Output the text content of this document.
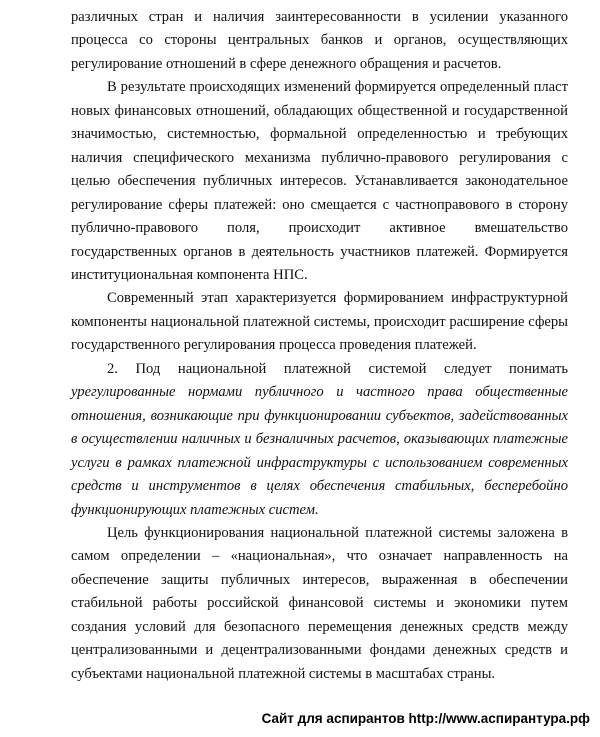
различных стран и наличия заинтересованности в усилении указанного процесса со стороны центральных банков и органов, осуществляющих регулирование отношений в сфере денежного обращения и расчетов.

В результате происходящих изменений формируется определенный пласт новых финансовых отношений, обладающих общественной и государственной значимостью, системностью, формальной определенностью и требующих наличия специфического механизма публично-правового регулирования с целью обеспечения публичных интересов. Устанавливается законодательное регулирование сферы платежей: оно смещается с частноправового в сторону публично-правового поля, происходит активное вмешательство государственных органов в деятельность участников платежей. Формируется институциональная компонента НПС.

Современный этап характеризуется формированием инфраструктурной компоненты национальной платежной системы, происходит расширение сферы государственного регулирования процесса проведения платежей.

2. Под национальной платежной системой следует понимать урегулированные нормами публичного и частного права общественные отношения, возникающие при функционировании субъектов, задействованных в осуществлении наличных и безналичных расчетов, оказывающих платежные услуги в рамках платежной инфраструктуры с использованием современных средств и инструментов в целях обеспечения стабильных, бесперебойно функционирующих платежных систем.

Цель функционирования национальной платежной системы заложена в самом определении – «национальная», что означает направленность на обеспечение защиты публичных интересов, выраженная в обеспечении стабильной работы российской финансовой системы и экономики путем создания условий для безопасного перемещения денежных средств между централизованными и децентрализованными фондами денежных средств и субъектами национальной платежной системы в масштабах страны.

Сайт для аспирантов http://www.аспирантура.рф
